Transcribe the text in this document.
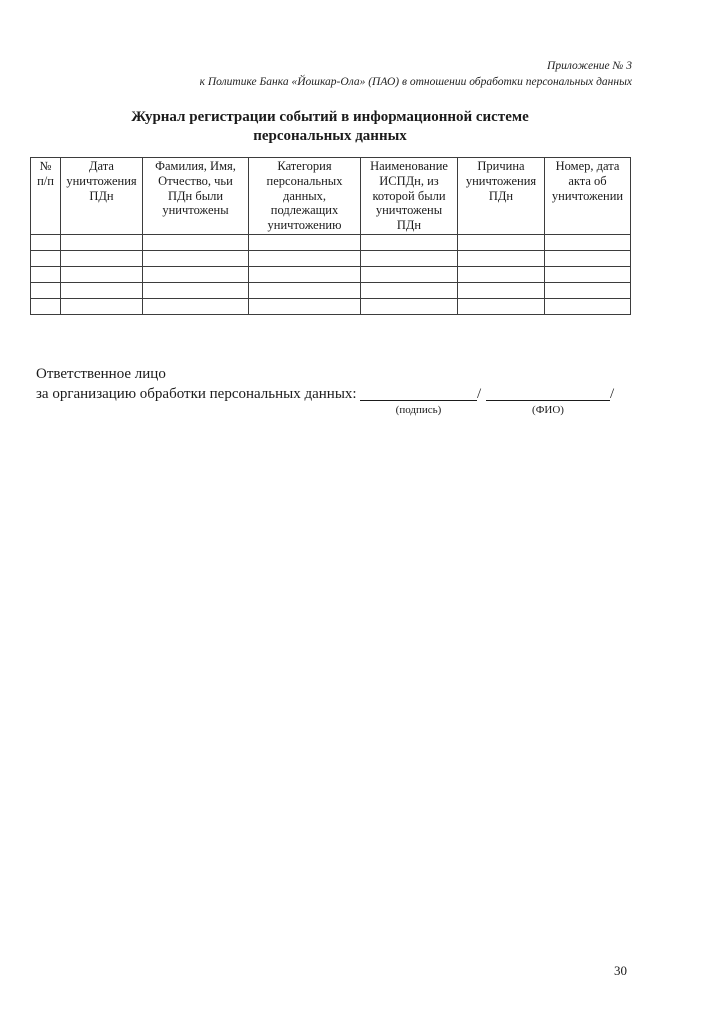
Приложение № 3
к Политике Банка «Йошкар-Ола» (ПАО) в отношении обработки персональных данных
Журнал регистрации событий в информационной системе
персональных данных
№ п/п	Дата уничтожения ПДн	Фамилия, Имя, Отчество, чьи ПДн были уничтожены	Категория персональных данных, подлежащих уничтожению	Наименование ИСПДн, из которой были уничтожены ПДн	Причина уничтожения ПДн	Номер, дата акта об уничтожении

Ответственное лицо
за организацию обработки персональных данных:	/	/
(подпись)	(ФИО)
30
